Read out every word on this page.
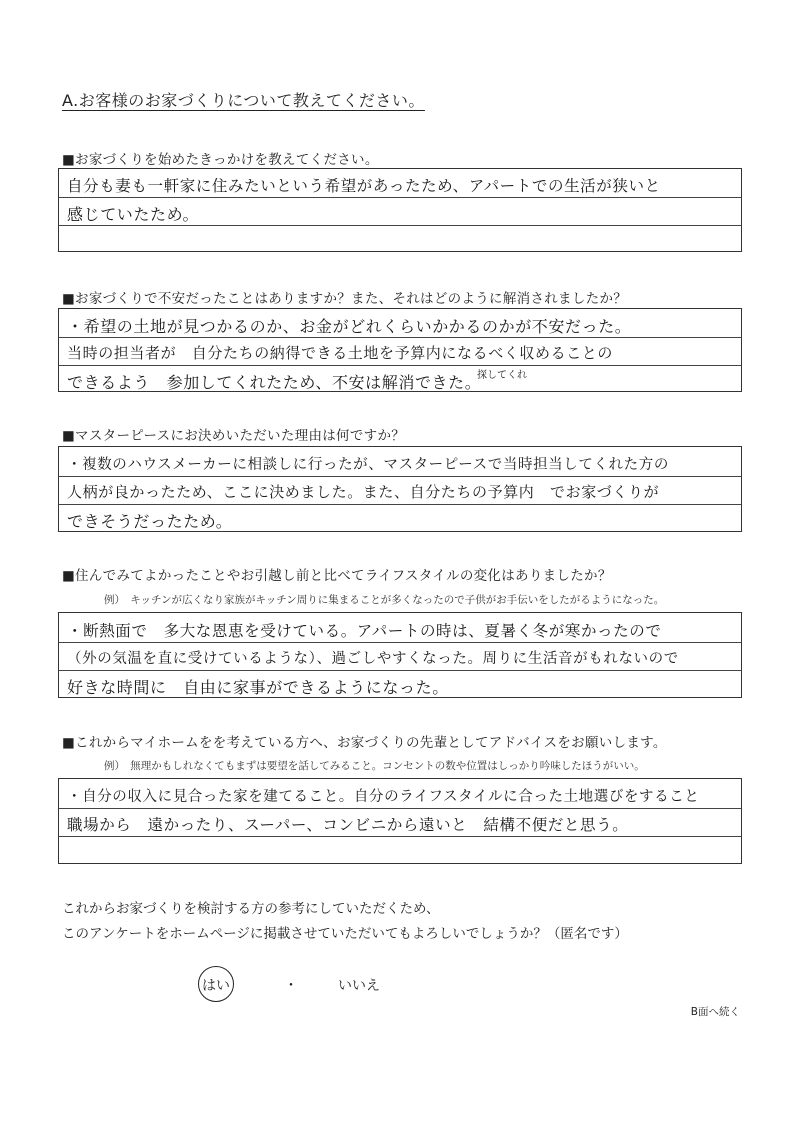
A.お客様のお家づくりについて教えてください。
■お家づくりを始めたきっかけを教えてください。
自分も妻も一軒家に住みたいという希望があったため、アパートでの生活が狭いと
感じていたため。
■お家づくりで不安だったことはありますか？また、それはどのように解消されましたか？
・希望の土地が見つかるのか、お金がどれくらいかかるのかが不安だった。
当時の担当者が　自分たちの納得できる土地を予算内になるべく収めることの
できるよう　参加してくれたため、不安は解消できた。
探してくれ
■マスターピースにお決めいただいた理由は何ですか？
・複数のハウスメーカーに相談しに行ったが、マスターピースで当時担当してくれた方の
人柄が良かったため、ここに決めました。また、自分たちの予算内　でお家づくりが
できそうだったため。
■住んでみてよかったことやお引越し前と比べてライフスタイルの変化はありましたか？
例）　キッチンが広くなり家族がキッチン周りに集まることが多くなったので子供がお手伝いをしたがるようになった。
・断熱面で　多大な恩恵を受けている。アパートの時は、夏暑く冬が寒かったので
（外の気温を直に受けているような）、過ごしやすくなった。周りに生活音がもれないので
好きな時間に　自由に家事ができるようになった。
■これからマイホームをを考えている方へ、お家づくりの先輩としてアドバイスをお願いします。
例）　無理かもしれなくてもまずは要望を話してみること。コンセントの数や位置はしっかり吟味したほうがいい。
・自分の収入に見合った家を建てること。自分のライフスタイルに合った土地選びをすること
職場から　遠かったり、スーパー、コンビニから遠いと　結構不便だと思う。
これからお家づくりを検討する方の参考にしていただくため、
このアンケートをホームページに掲載させていただいてもよろしいでしょうか？（匿名です）
はい	・	いいえ
B面へ続く
